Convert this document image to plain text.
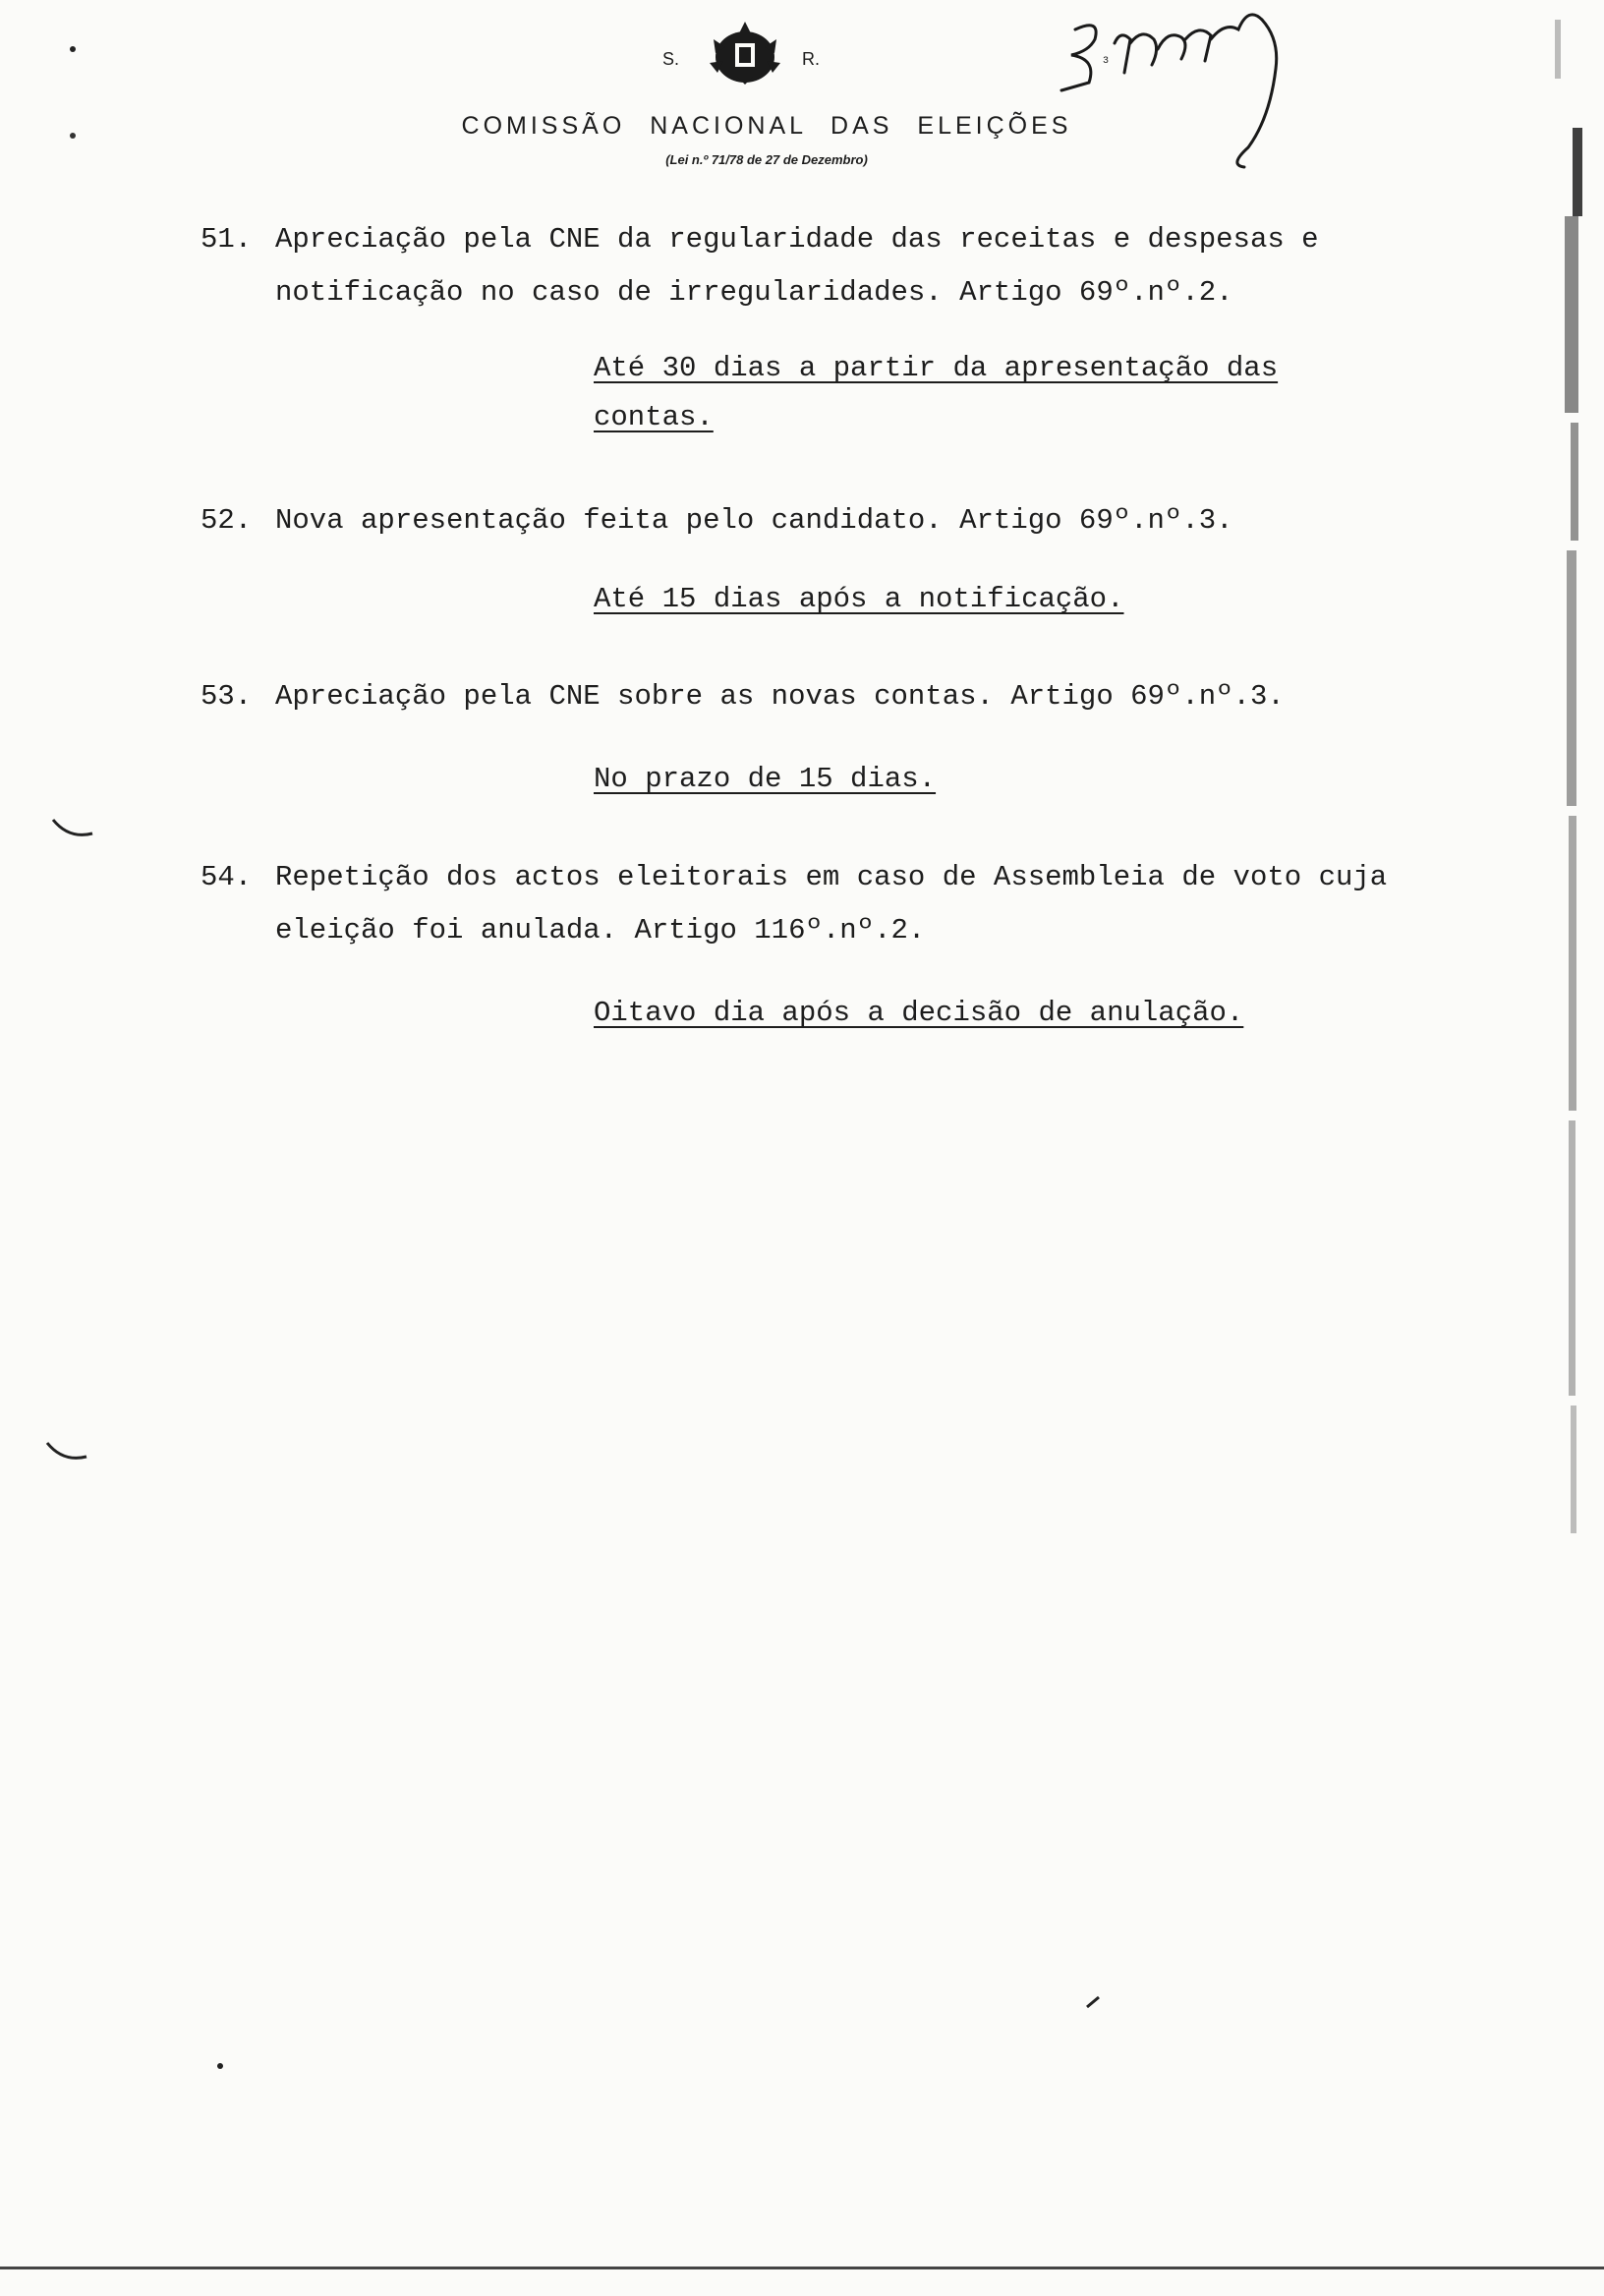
S.	R.
COMISSÃO NACIONAL DAS ELEIÇÕES
(Lei n.º 71/78 de 27 de Dezembro)
3
51. Apreciação pela CNE da regularidade das receitas e despesas e notificação no caso de irregularidades. Artigo 69º.nº.2.
Até 30 dias a partir da apresentação das contas.
52. Nova apresentação feita pelo candidato. Artigo 69º.nº.3.
Até 15 dias após a notificação.
53. Apreciação pela CNE sobre as novas contas. Artigo 69º.nº.3.
No prazo de 15 dias.
54. Repetição dos actos eleitorais em caso de Assembleia de voto cuja eleição foi anulada. Artigo 116º.nº.2.
Oitavo dia após a decisão de anulação.
